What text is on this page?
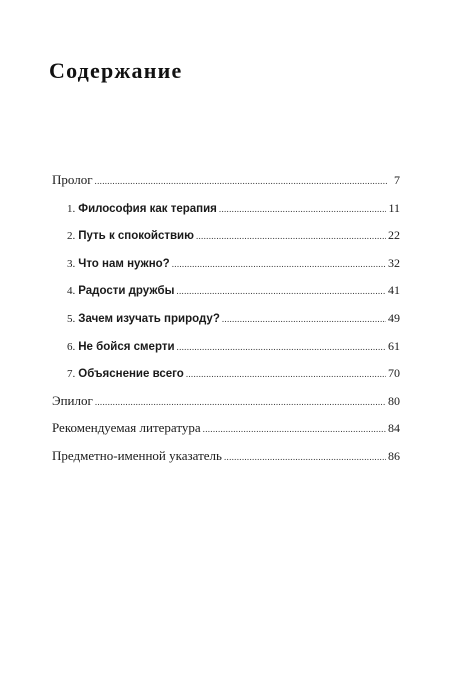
Содержание
Пролог .....	7
1. Философия как терапия .....	11
2. Путь к спокойствию .....	22
3. Что нам нужно? .....	32
4. Радости дружбы .....	41
5. Зачем изучать природу? .....	49
6. Не бойся смерти .....	61
7. Объяснение всего .....	70
Эпилог .....	80
Рекомендуемая литература .....	84
Предметно-именной указатель .....	86
